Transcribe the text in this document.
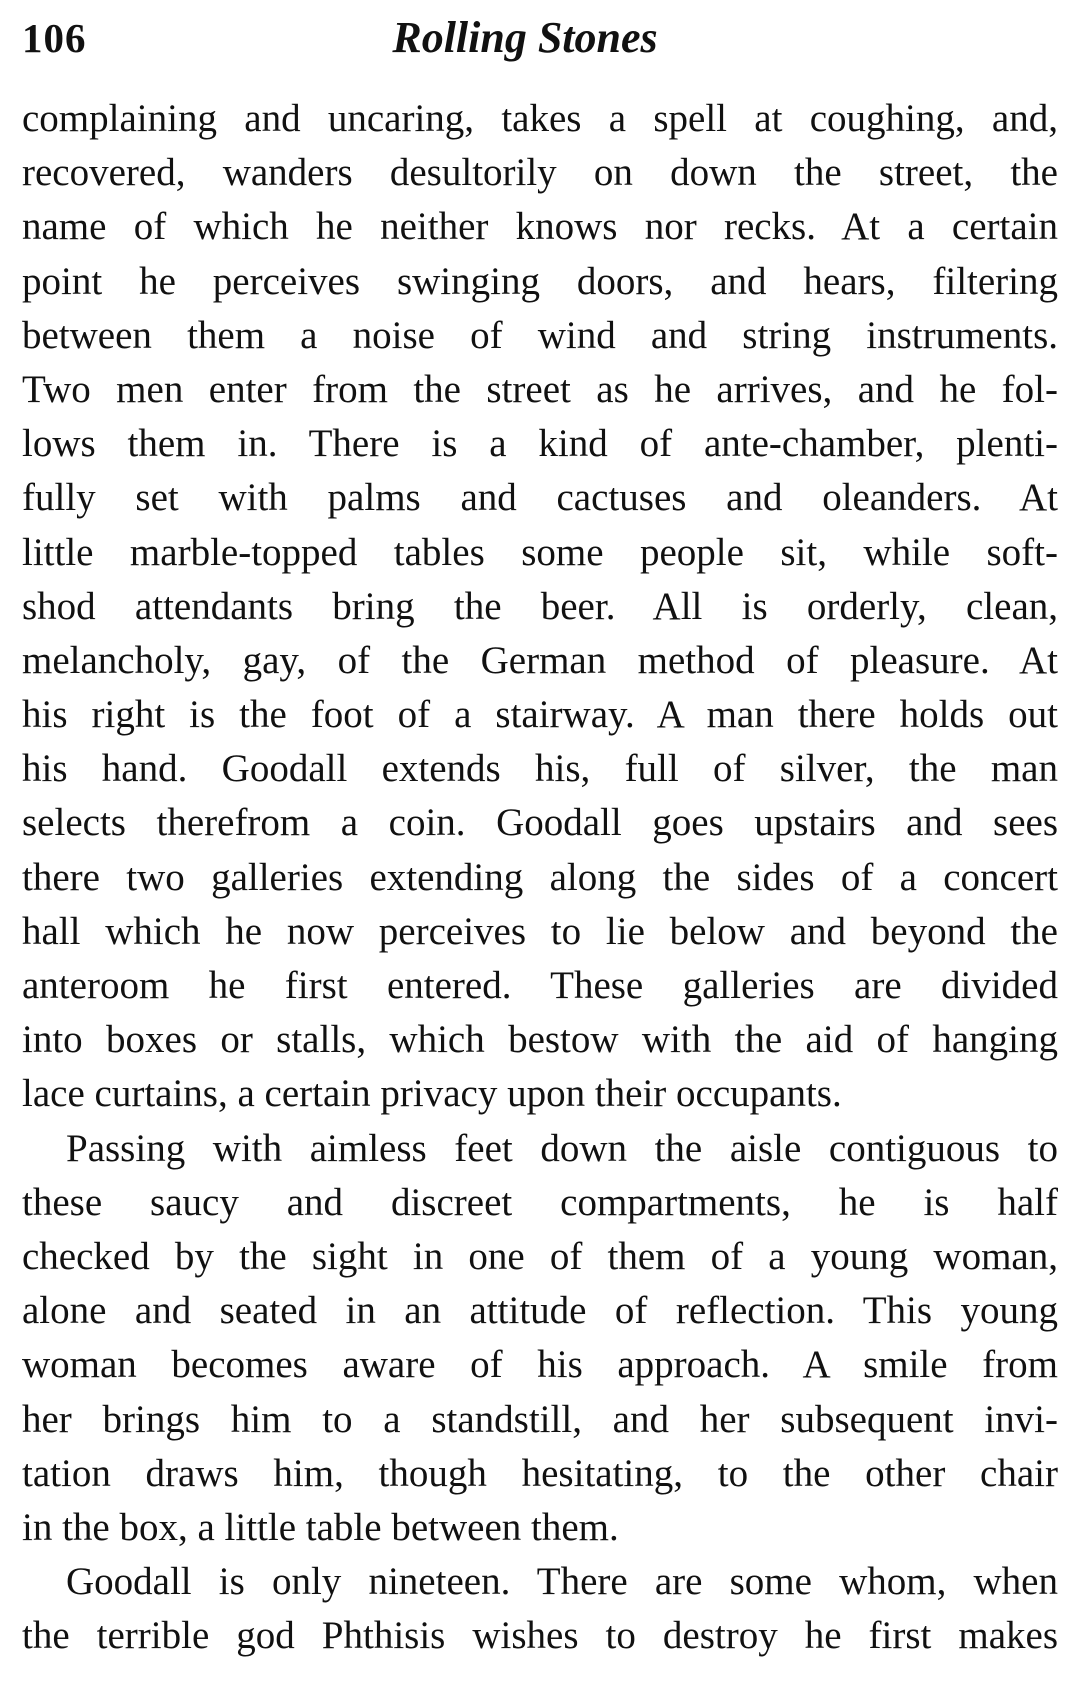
106	Rolling Stones
complaining and uncaring, takes a spell at coughing, and,
recovered, wanders desultorily on down the street, the
name of which he neither knows nor recks. At a certain
point he perceives swinging doors, and hears, filtering
between them a noise of wind and string instruments.
Two men enter from the street as he arrives, and he fol-
lows them in. There is a kind of ante-chamber, plenti-
fully set with palms and cactuses and oleanders. At
little marble-topped tables some people sit, while soft-
shod attendants bring the beer. All is orderly, clean,
melancholy, gay, of the German method of pleasure. At
his right is the foot of a stairway. A man there holds out
his hand. Goodall extends his, full of silver, the man
selects therefrom a coin. Goodall goes upstairs and sees
there two galleries extending along the sides of a concert
hall which he now perceives to lie below and beyond the
anteroom he first entered. These galleries are divided
into boxes or stalls, which bestow with the aid of hanging
lace curtains, a certain privacy upon their occupants.
Passing with aimless feet down the aisle contiguous to
these saucy and discreet compartments, he is half
checked by the sight in one of them of a young woman,
alone and seated in an attitude of reflection. This young
woman becomes aware of his approach. A smile from
her brings him to a standstill, and her subsequent invi-
tation draws him, though hesitating, to the other chair
in the box, a little table between them.
Goodall is only nineteen. There are some whom, when
the terrible god Phthisis wishes to destroy he first makes
